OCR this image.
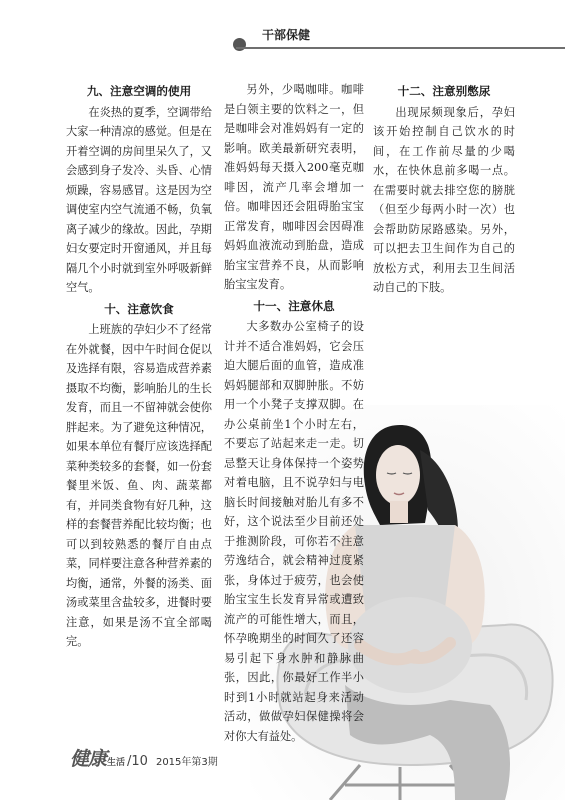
干部保健
九、注意空调的使用

在炎热的夏季，空调带给大家一种清凉的感觉。但是在开着空调的房间里呆久了，又会感到身子发冷、头昏、心情烦躁，容易感冒。这是因为空调使室内空气流通不畅，负氧离子减少的缘故。因此，孕期妇女要定时开窗通风，并且每隔几个小时就到室外呼吸新鲜空气。

十、注意饮食

上班族的孕妇少不了经常在外就餐，因中午时间仓促以及选择有限，容易造成营养素摄取不均衡，影响胎儿的生长发育，而且一不留神就会使你胖起来。为了避免这种情况，如果本单位有餐厅应该选择配菜种类较多的套餐，如一份套餐里米饭、鱼、肉、蔬菜都有，并同类食物有好几种，这样的套餐营养配比较均衡；也可以到较熟悉的餐厅自由点菜，同样要注意各种营养素的均衡，通常，外餐的汤类、面汤或菜里含盐较多，进餐时要注意，如果是汤不宜全部喝完。

另外，少喝咖啡。咖啡是白领主要的饮料之一，但是咖啡会对准妈妈有一定的影响。欧美最新研究表明，准妈妈每天摄入200毫克咖啡因，流产几率会增加一倍。咖啡因还会阻碍胎宝宝正常发育，咖啡因会因碍准妈妈血液流动到胎盘，造成胎宝宝营养不良，从而影响胎宝宝发育。

十一、注意休息

大多数办公室椅子的设计并不适合准妈妈，它会压迫大腿后面的血管，造成准妈妈腿部和双脚肿胀。不妨用一个小凳子支撑双脚。在办公桌前坐1个小时左右，不要忘了站起来走一走。切忌整天让身体保持一个姿势对着电脑，且不说孕妇与电脑长时间接触对胎儿有多不好，这个说法至少目前还处于推测阶段，可你若不注意劳逸结合，就会精神过度紧张，身体过于疲劳，也会使胎宝宝生长发育异常或遭致流产的可能性增大，而且，怀孕晚期坐的时间久了还容易引起下身水肿和静脉曲张，因此，你最好工作半小时到1小时就站起身来活动活动，做做孕妇保健操将会对你大有益处。

十二、注意别憋尿

出现尿频现象后，孕妇该开始控制自己饮水的时间，在工作前尽量的少喝水，在快休息前多喝一点。在需要时就去排空您的膀胱（但至少每两小时一次）也会帮助防尿路感染。另外，可以把去卫生间作为自己的放松方式，利用去卫生间活动自己的下肢。

健康 生活 /10 2015年第3期
